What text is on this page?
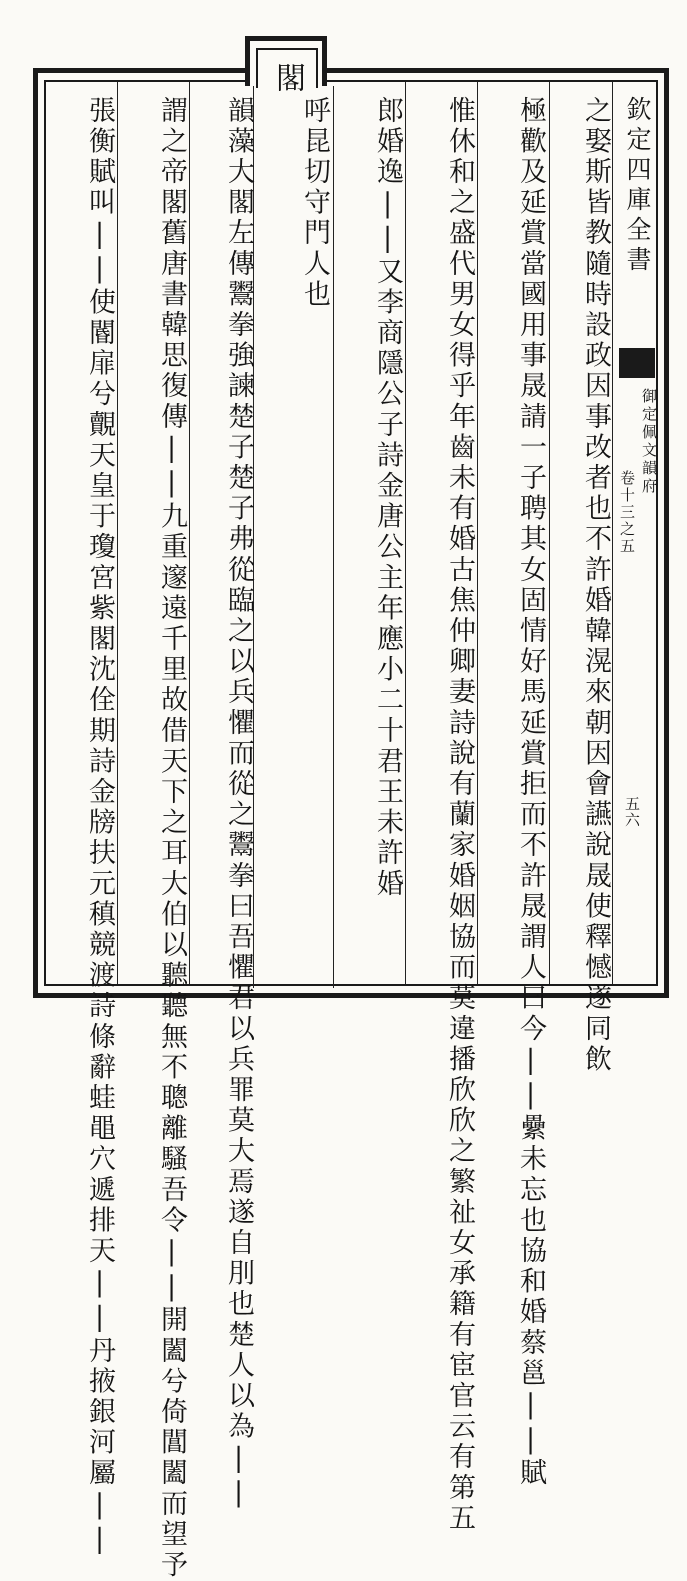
欽定四庫全書
御定佩文韻府
卷十三之五
五六
閣
之娶斯皆教隨時設政因事改者也不許婚韓滉來朝因會讌說晟使釋憾遂同飲
極歡及延賞當國用事晟請一子聘其女固情好馬延賞拒而不許晟謂人曰今||纍未忘也協和婚蔡邕||賦
惟休和之盛代男女得乎年齒未有婚古焦仲卿妻詩說有蘭家婚姻協而莫違播欣欣之繁祉女承籍有宦官云有第五
郎婚逸||又李商隱公子詩金唐公主年應小二十君王未許婚
呼昆切守門人也
韻藻大閣左傳鬻拳強諫楚子楚子弗從臨之以兵懼而從之鬻拳曰吾懼君以兵罪莫大焉遂自刖也楚人以為||
謂之帝閣舊唐書韓思復傳||九重邃遠千里故借天下之耳大伯以聽聽無不聰離騷吾令||開闔兮倚閶闔而望予
張衡賦叫||使閽扉兮覿天皇于瓊宮紫閣沈佺期詩金牓扶元稹競渡詩條辭蛙黽穴遞排天||丹掖銀河屬||
